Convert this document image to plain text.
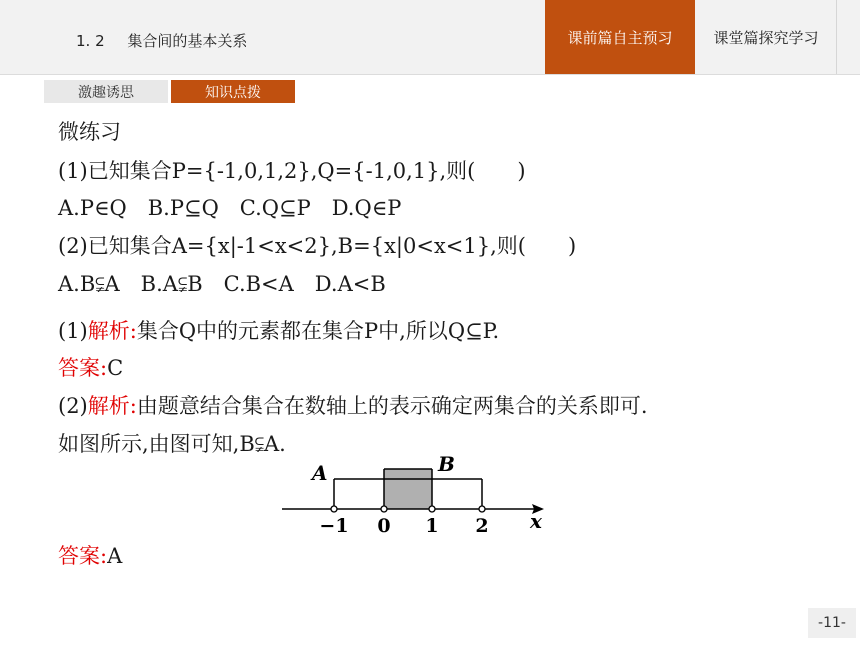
1. 2 集合间的基本关系	课前篇自主预习	课堂篇探究学习
激趣诱思	知识点拨
微练习
(1)已知集合P={-1,0,1,2},Q={-1,0,1},则(　　)
A.P∈Q　B.P⊆Q　C.Q⊆P　D.Q∈P
(2)已知集合A={x|-1<x<2},B={x|0<x<1},则(　　)
A.B⫋A　B.A⫋B　C.B<A　D.A<B
(1)解析:集合Q中的元素都在集合P中,所以Q⊆P.
答案:C
(2)解析:由题意结合集合在数轴上的表示确定两集合的关系即可.
如图所示,由图可知,B⫋A.
A	B
−1 0 1 2 x
答案:A
-11-
